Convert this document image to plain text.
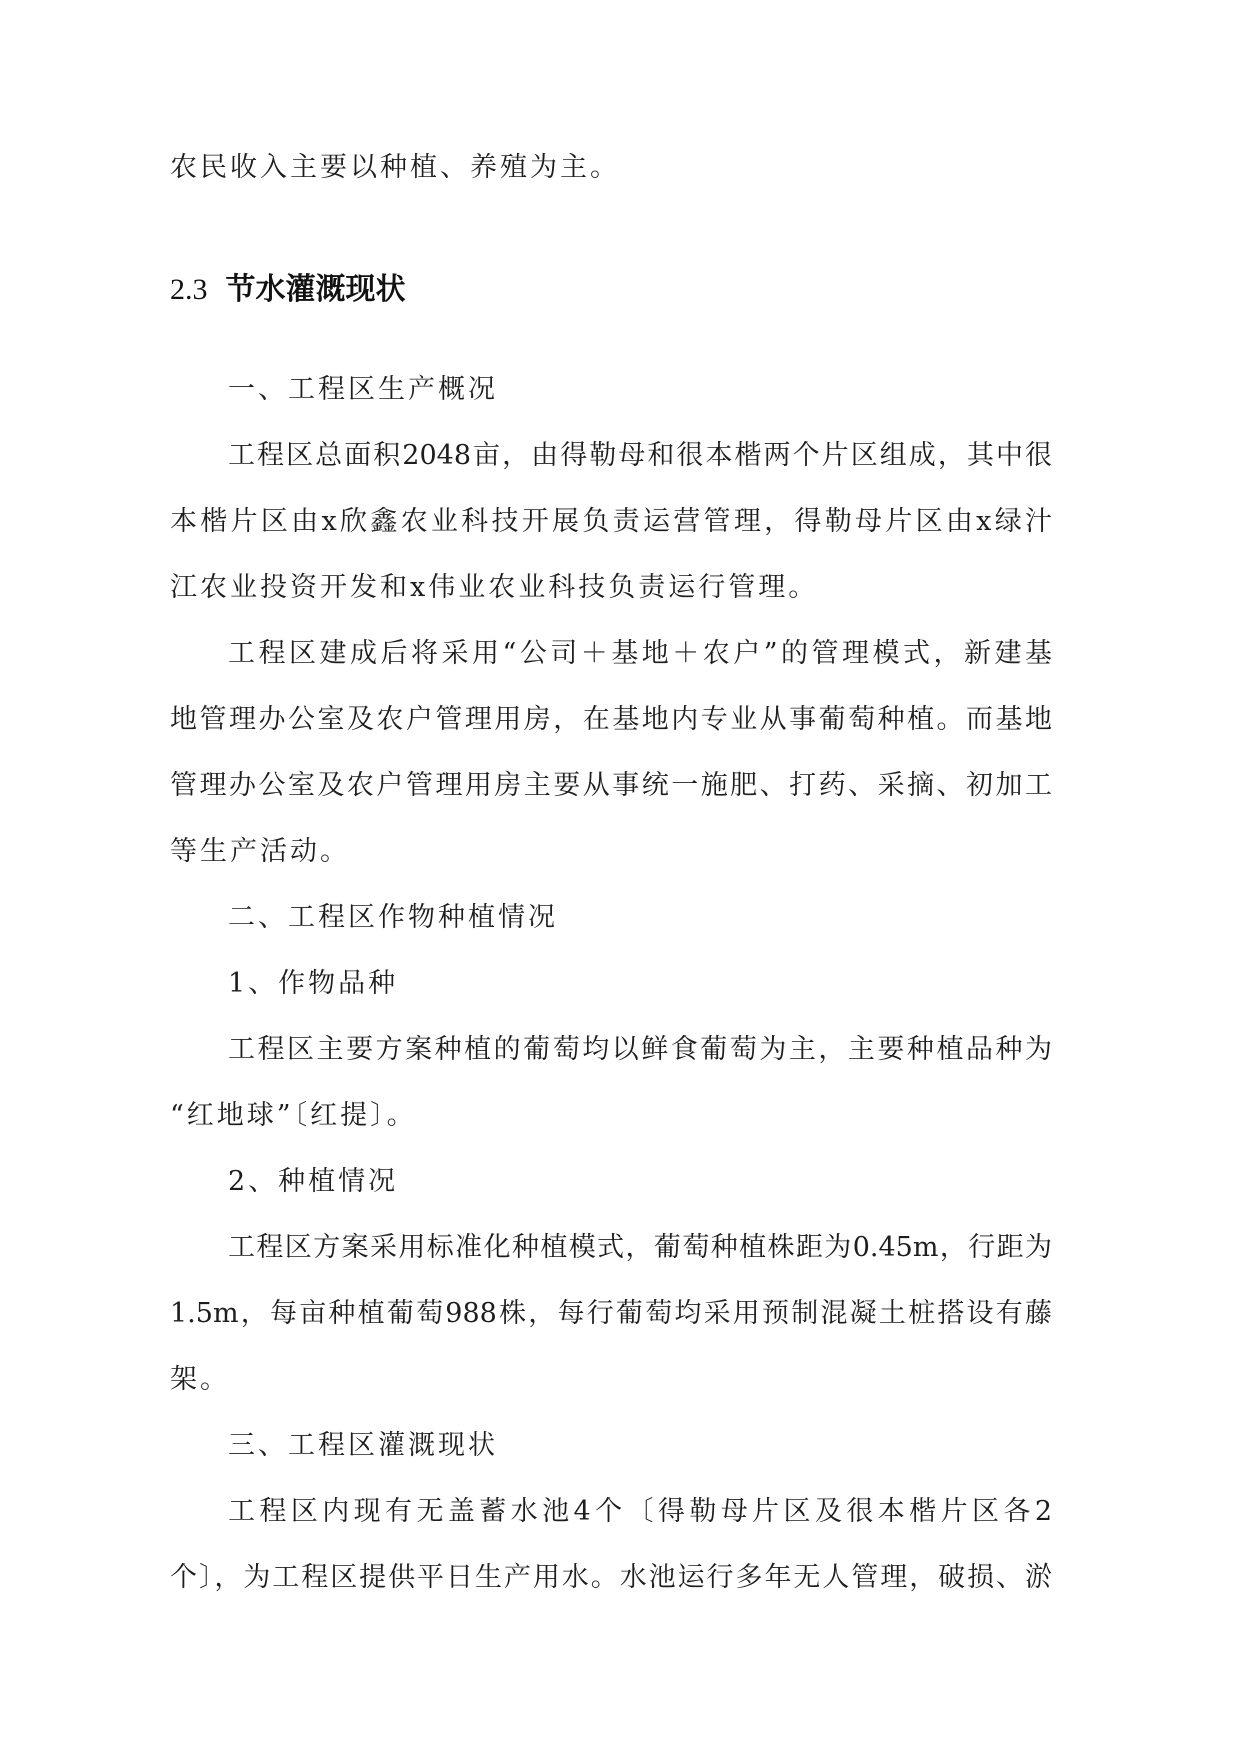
农民收入主要以种植、养殖为主。
2.3 节水灌溉现状
一、工程区生产概况
工程区总面积2048亩，由得勒母和很本楷两个片区组成，其中很
本楷片区由x欣鑫农业科技开展负责运营管理，得勒母片区由x绿汁
江农业投资开发和x伟业农业科技负责运行管理。
工程区建成后将采用“公司＋基地＋农户”的管理模式，新建基
地管理办公室及农户管理用房，在基地内专业从事葡萄种植。而基地
管理办公室及农户管理用房主要从事统一施肥、打药、采摘、初加工
等生产活动。
二、工程区作物种植情况
1、作物品种
工程区主要方案种植的葡萄均以鲜食葡萄为主，主要种植品种为
“红地球”〔红提〕。
2、种植情况
工程区方案采用标准化种植模式，葡萄种植株距为0.45m，行距为
1.5m，每亩种植葡萄988株，每行葡萄均采用预制混凝土桩搭设有藤
架。
三、工程区灌溉现状
工程区内现有无盖蓄水池4个〔得勒母片区及很本楷片区各2
个〕，为工程区提供平日生产用水。水池运行多年无人管理，破损、淤
